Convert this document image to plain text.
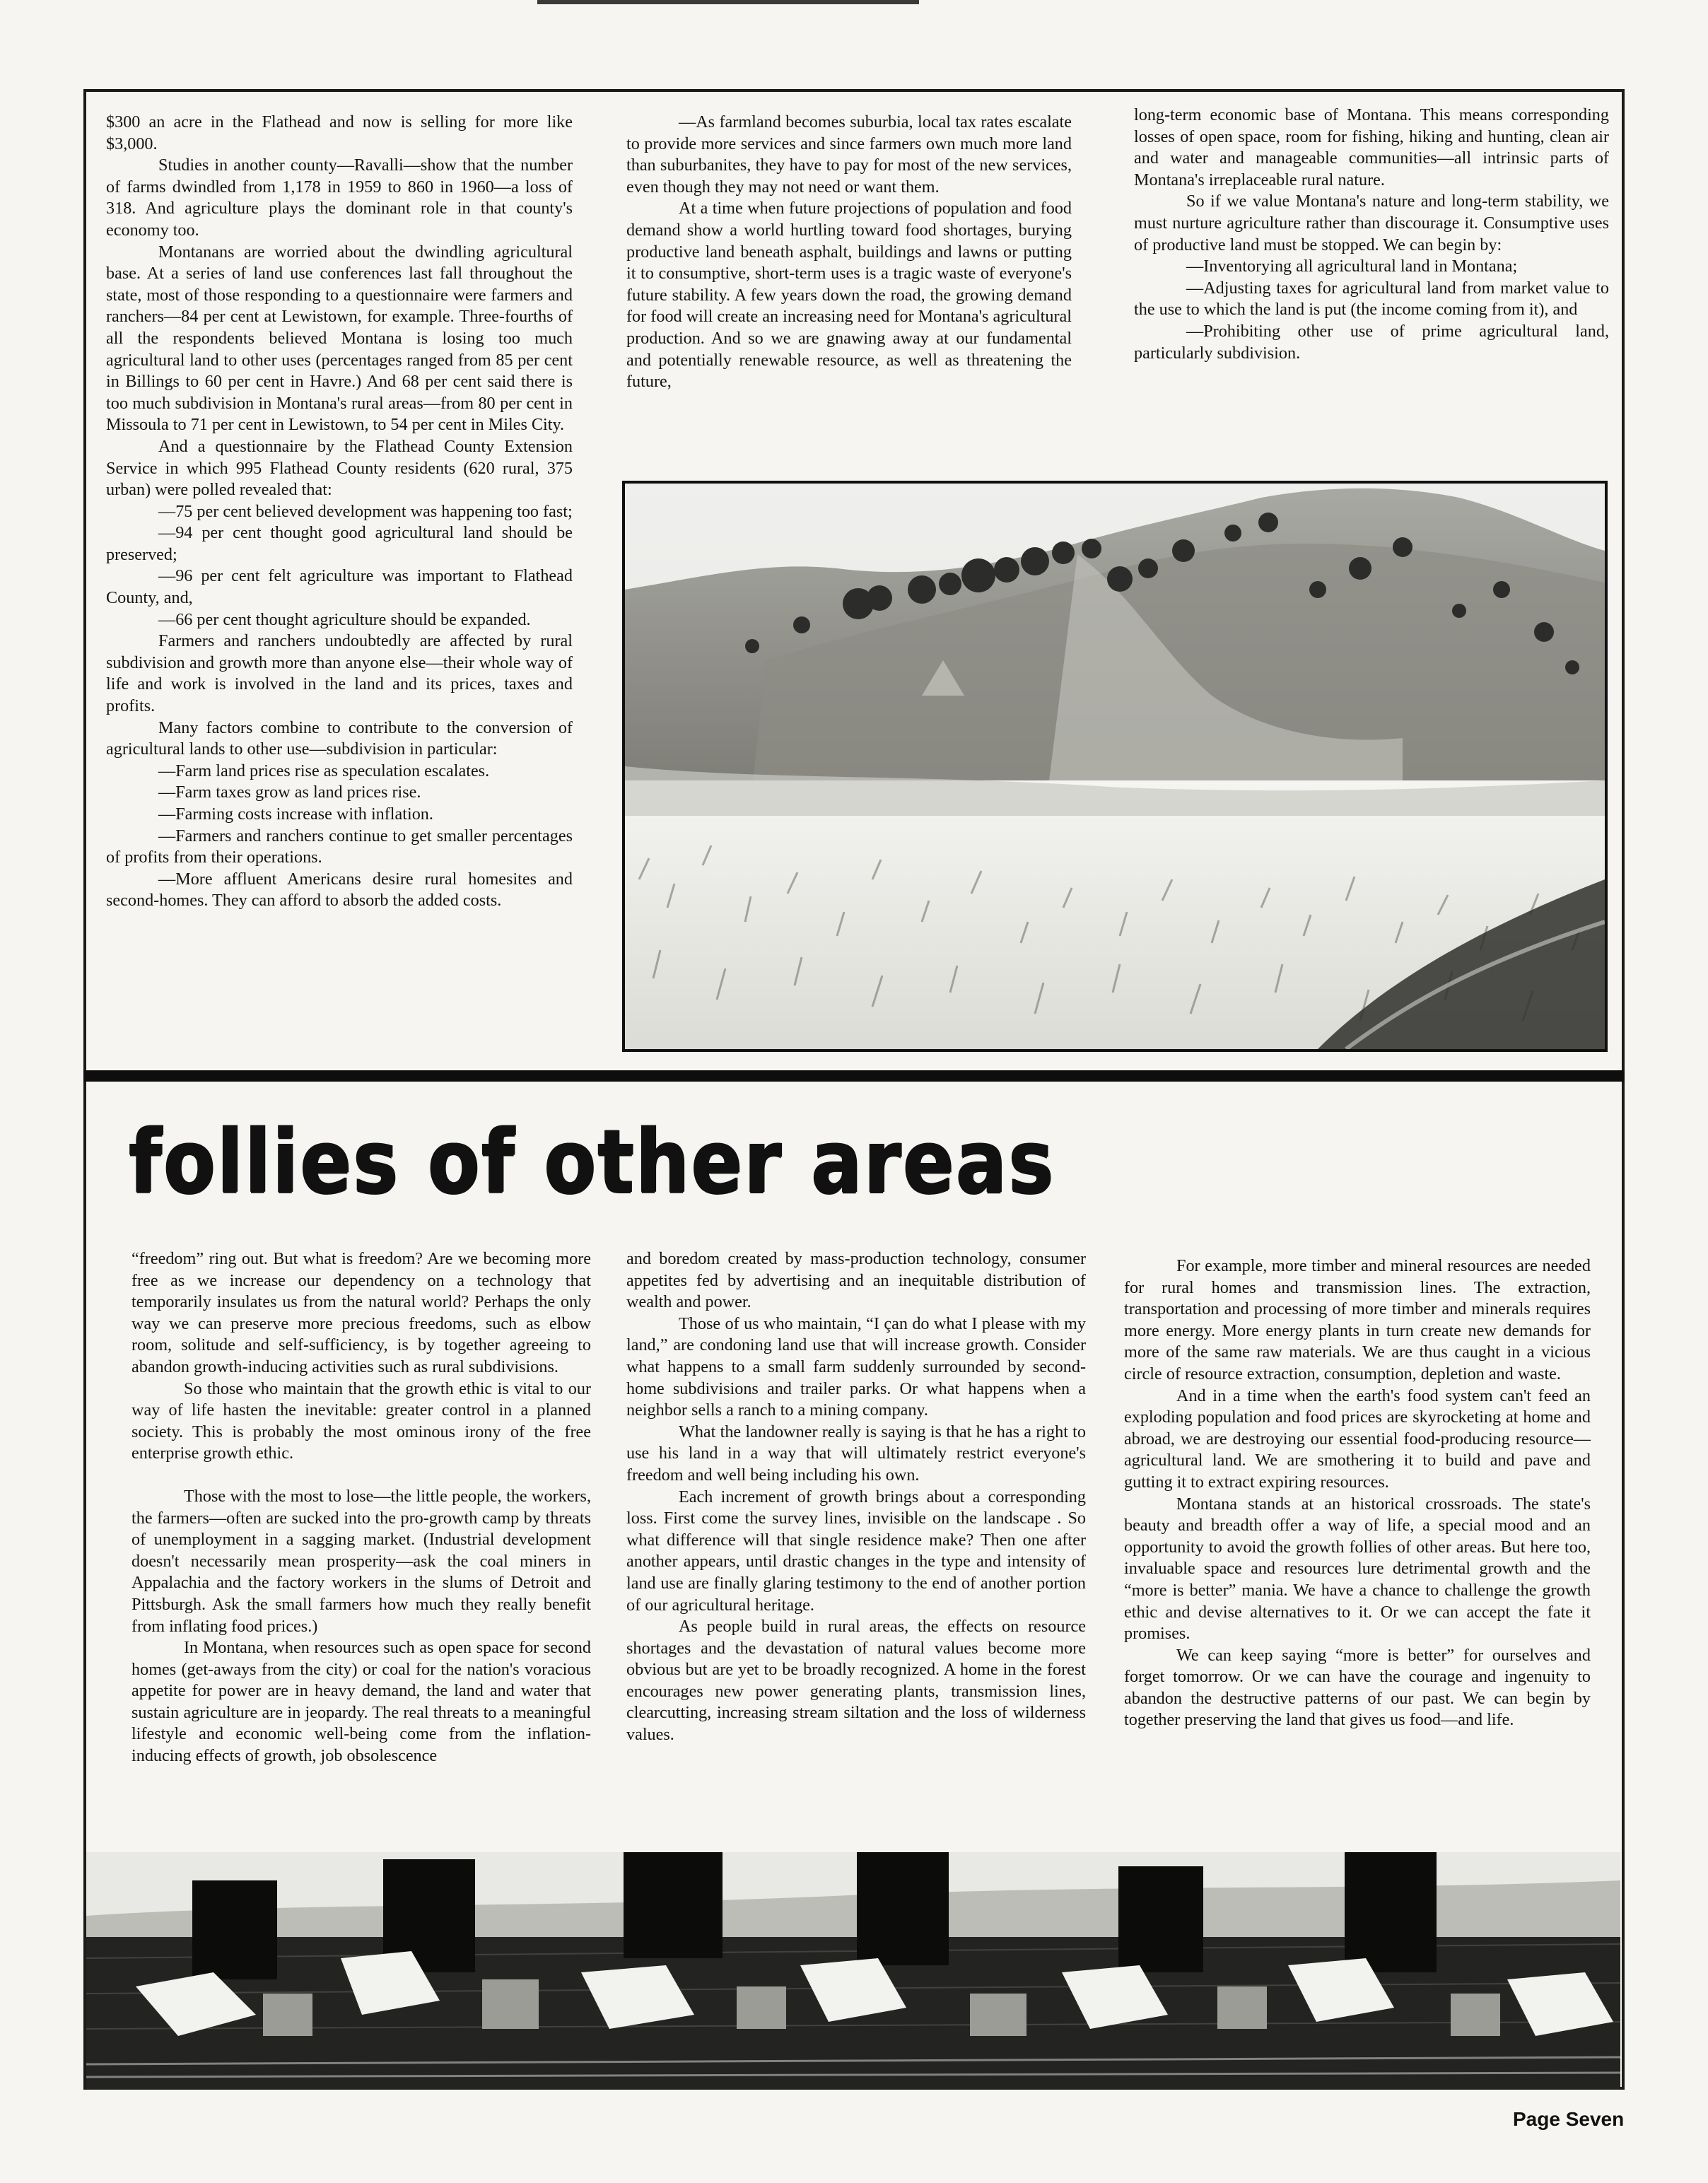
$300 an acre in the Flathead and now is selling for more like $3,000.

Studies in another county—Ravalli—show that the number of farms dwindled from 1,178 in 1959 to 860 in 1960—a loss of 318. And agriculture plays the dominant role in that county's economy too.

Montanans are worried about the dwindling agricultural base. At a series of land use conferences last fall throughout the state, most of those responding to a questionnaire were farmers and ranchers—84 per cent at Lewistown, for example. Three-fourths of all the respondents believed Montana is losing too much agricultural land to other uses (percentages ranged from 85 per cent in Billings to 60 per cent in Havre.) And 68 per cent said there is too much subdivision in Montana's rural areas—from 80 per cent in Missoula to 71 per cent in Lewistown, to 54 per cent in Miles City.

And a questionnaire by the Flathead County Extension Service in which 995 Flathead County residents (620 rural, 375 urban) were polled revealed that:

—75 per cent believed development was happening too fast;

—94 per cent thought good agricultural land should be preserved;

—96 per cent felt agriculture was important to Flathead County, and,

—66 per cent thought agriculture should be expanded.

Farmers and ranchers undoubtedly are affected by rural subdivision and growth more than anyone else—their whole way of life and work is involved in the land and its prices, taxes and profits.

Many factors combine to contribute to the conversion of agricultural lands to other use—subdivision in particular:

—Farm land prices rise as speculation escalates.

—Farm taxes grow as land prices rise.

—Farming costs increase with inflation.

—Farmers and ranchers continue to get smaller percentages of profits from their operations.

—More affluent Americans desire rural homesites and second-homes. They can afford to absorb the added costs.

—As farmland becomes suburbia, local tax rates escalate to provide more services and since farmers own much more land than suburbanites, they have to pay for most of the new services, even though they may not need or want them.

At a time when future projections of population and food demand show a world hurtling toward food shortages, burying productive land beneath asphalt, buildings and lawns or putting it to consumptive, short-term uses is a tragic waste of everyone's future stability. A few years down the road, the growing demand for food will create an increasing need for Montana's agricultural production. And so we are gnawing away at our fundamental and potentially renewable resource, as well as threatening the future,

long-term economic base of Montana. This means corresponding losses of open space, room for fishing, hiking and hunting, clean air and water and manageable communities—all intrinsic parts of Montana's irreplaceable rural nature.

So if we value Montana's nature and long-term stability, we must nurture agriculture rather than discourage it. Consumptive uses of productive land must be stopped. We can begin by:

—Inventorying all agricultural land in Montana;

—Adjusting taxes for agricultural land from market value to the use to which the land is put (the income coming from it), and

—Prohibiting other use of prime agricultural land, particularly subdivision.

follies of other areas

“freedom” ring out. But what is freedom? Are we becoming more free as we increase our dependency on a technology that temporarily insulates us from the natural world? Perhaps the only way we can preserve more precious freedoms, such as elbow room, solitude and self-sufficiency, is by together agreeing to abandon growth-inducing activities such as rural subdivisions.

So those who maintain that the growth ethic is vital to our way of life hasten the inevitable: greater control in a planned society. This is probably the most ominous irony of the free enterprise growth ethic.

Those with the most to lose—the little people, the workers, the farmers—often are sucked into the pro-growth camp by threats of unemployment in a sagging market. (Industrial development doesn't necessarily mean prosperity—ask the coal miners in Appalachia and the factory workers in the slums of Detroit and Pittsburgh. Ask the small farmers how much they really benefit from inflating food prices.)

In Montana, when resources such as open space for second homes (get-aways from the city) or coal for the nation's voracious appetite for power are in heavy demand, the land and water that sustain agriculture are in jeopardy. The real threats to a meaningful lifestyle and economic well-being come from the inflation-inducing effects of growth, job obsolescence

and boredom created by mass-production technology, consumer appetites fed by advertising and an inequitable distribution of wealth and power.

Those of us who maintain, “I çan do what I please with my land,” are condoning land use that will increase growth. Consider what happens to a small farm suddenly surrounded by second-home subdivisions and trailer parks. Or what happens when a neighbor sells a ranch to a mining company.

What the landowner really is saying is that he has a right to use his land in a way that will ultimately restrict everyone's freedom and well being including his own.

Each increment of growth brings about a corresponding loss. First come the survey lines, invisible on the landscape . So what difference will that single residence make? Then one after another appears, until drastic changes in the type and intensity of land use are finally glaring testimony to the end of another portion of our agricultural heritage.

As people build in rural areas, the effects on resource shortages and the devastation of natural values become more obvious but are yet to be broadly recognized. A home in the forest encourages new power generating plants, transmission lines, clearcutting, increasing stream siltation and the loss of wilderness values.

For example, more timber and mineral resources are needed for rural homes and transmission lines. The extraction, transportation and processing of more timber and minerals requires more energy. More energy plants in turn create new demands for more of the same raw materials. We are thus caught in a vicious circle of resource extraction, consumption, depletion and waste.

And in a time when the earth's food system can't feed an exploding population and food prices are skyrocketing at home and abroad, we are destroying our essential food-producing resource—agricultural land. We are smothering it to build and pave and gutting it to extract expiring resources.

Montana stands at an historical crossroads. The state's beauty and breadth offer a way of life, a special mood and an opportunity to avoid the growth follies of other areas. But here too, invaluable space and resources lure detrimental growth and the “more is better” mania. We have a chance to challenge the growth ethic and devise alternatives to it. Or we can accept the fate it promises.

We can keep saying “more is better” for ourselves and forget tomorrow. Or we can have the courage and ingenuity to abandon the destructive patterns of our past. We can begin by together preserving the land that gives us food—and life.

Page Seven
